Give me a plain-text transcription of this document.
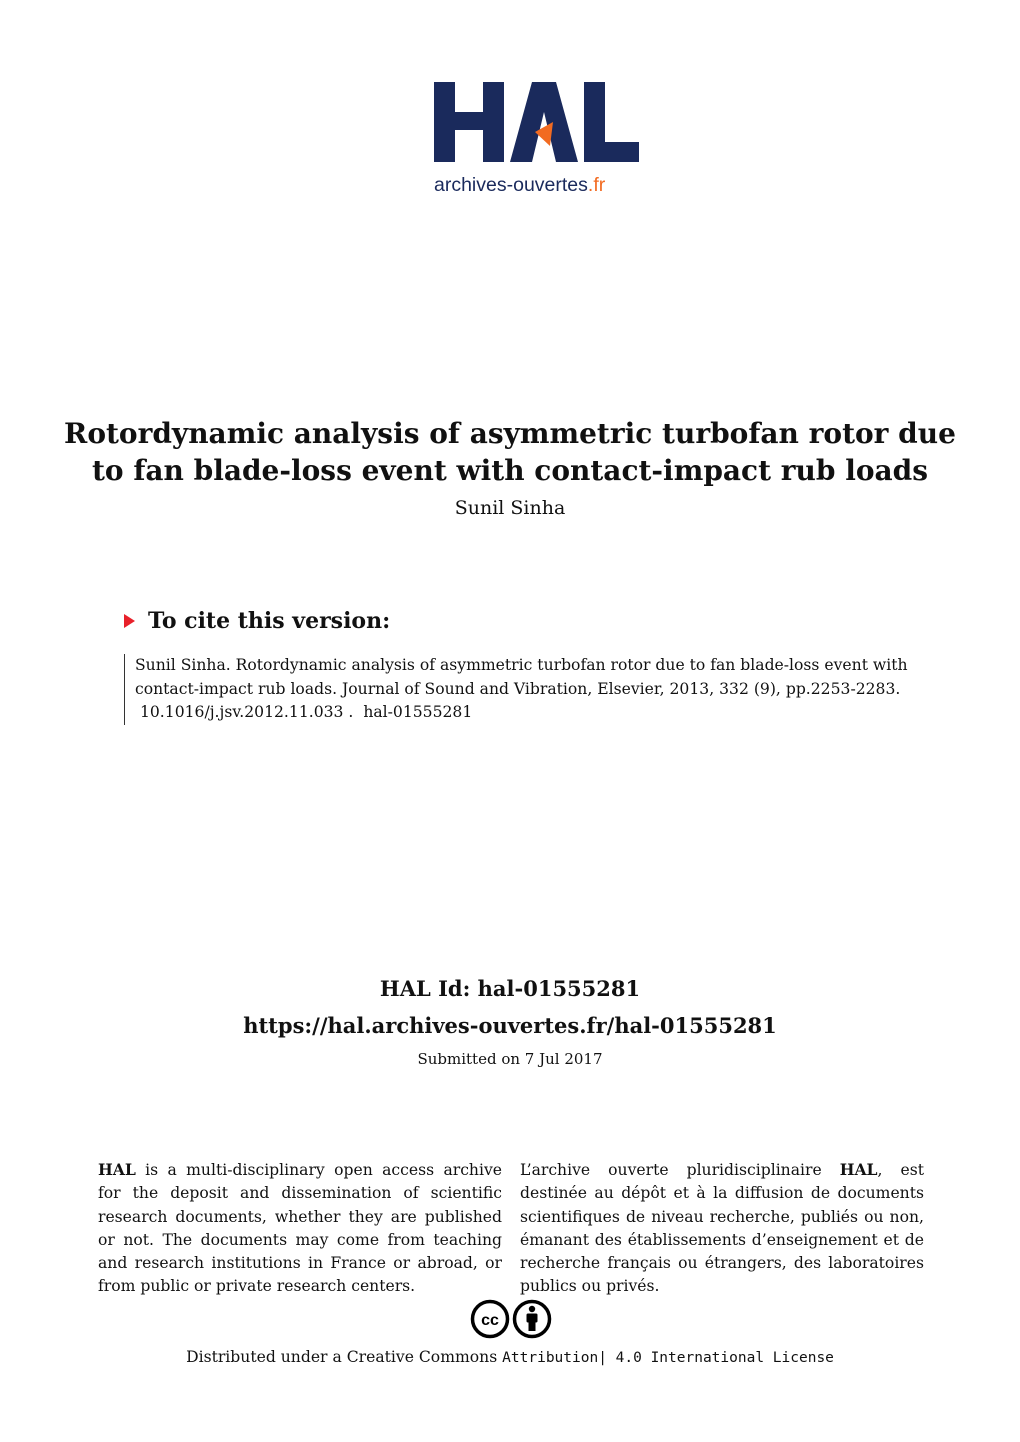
archives-ouvertes.fr
Rotordynamic analysis of asymmetric turbofan rotor due
to fan blade-loss event with contact-impact rub loads
Sunil Sinha
To cite this version:
Sunil Sinha. Rotordynamic analysis of asymmetric turbofan rotor due to fan blade-loss event with
contact-impact rub loads. Journal of Sound and Vibration, Elsevier, 2013, 332 (9), pp.2253-2283.
10.1016/j.jsv.2012.11.033 .  hal-01555281
HAL Id: hal-01555281
https://hal.archives-ouvertes.fr/hal-01555281
Submitted on 7 Jul 2017
HAL is a multi-disciplinary open access archive for the deposit and dissemination of scientific research documents, whether they are published or not. The documents may come from teaching and research institutions in France or abroad, or from public or private research centers.
L’archive ouverte pluridisciplinaire HAL, est destinée au dépôt et à la diffusion de documents scientifiques de niveau recherche, publiés ou non, émanant des établissements d’enseignement et de recherche français ou étrangers, des laboratoires publics ou privés.
cc
Distributed under a Creative Commons Attribution| 4.0 International License
